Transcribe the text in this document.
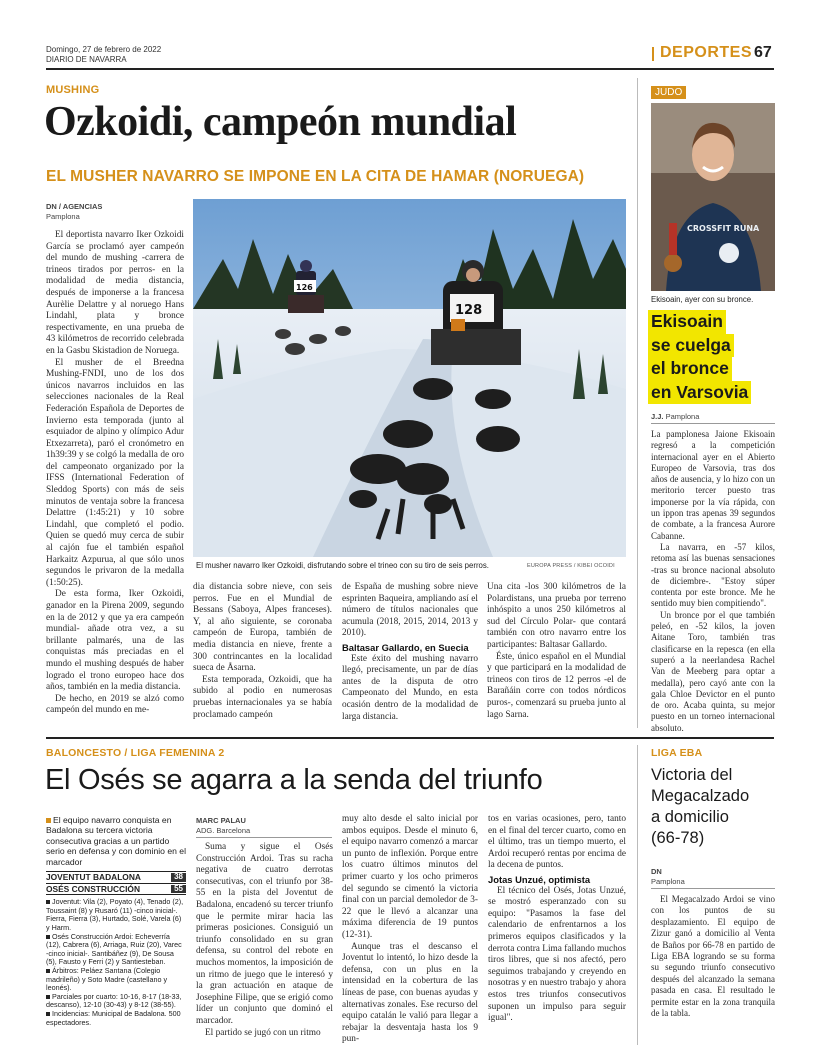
Domingo, 27 de febrero de 2022
DIARIO DE NAVARRA	DEPORTES 67
MUSHING
Ozkoidi, campeón mundial
EL MUSHER NAVARRO SE IMPONE EN LA CITA DE HAMAR (NORUEGA)
DN / AGENCIAS
Pamplona
126
128
El musher navarro Iker Ozkoidi, disfrutando sobre el trineo con su tiro de seis perros.	EUROPA PRESS / KIBEI OCOIDI

El deportista navarro Iker Ozkoidi García se proclamó ayer campeón del mundo de mushing -carrera de trineos tirados por perros- en la modalidad de media distancia, después de imponerse a la francesa Aurèlie Delattre y al noruego Hans Lindahl, plata y bronce respectivamente, en una prueba de 43 kilómetros de recorrido celebrada en la Gasbu Skistadion de Noruega.

El musher de el Breedna Mushing-FNDI, uno de los dos únicos navarros incluidos en las selecciones nacionales de la Real Federación Española de Deportes de Invierno esta temporada (junto al esquiador de alpino y olímpico Adur Etxezarreta), paró el cronómetro en 1h39:39 y se colgó la medalla de oro del campeonato organizado por la IFSS (International Federation of Sleddog Sports) con más de seis minutos de ventaja sobre la francesa Delattre (1:45:21) y 10 sobre Lindahl, que completó el podio. Quien se quedó muy cerca de subir al cajón fue el también español Harkaitz Azpurua, al que sólo unos segundos le privaron de la medalla (1:50:25).

De esta forma, Iker Ozkoidi, ganador en la Pirena 2009, segundo en la de 2012 y que ya era campeón mundial- añade otra vez, a su brillante palmarés, una de las conquistas más preciadas en el mundo el mushing después de haber logrado el trono europeo hace dos años, también en la media distancia.

De hecho, en 2019 se alzó como campeón del mundo en me-

dia distancia sobre nieve, con seis perros. Fue en el Mundial de Bessans (Saboya, Alpes franceses). Y, al año siguiente, se coronaba campeón de Europa, también de media distancia en nieve, frente a 300 contrincantes en la localidad sueca de Åsarna.

Esta temporada, Ozkoidi, que ha subido al podio en numerosas pruebas internacionales ya se había proclamado campeón

de España de mushing sobre nieve esprinten Baqueira, ampliando así el número de títulos nacionales que acumula (2018, 2015, 2014, 2013 y 2010).

Baltasar Gallardo, en Suecia

Este éxito del mushing navarro llegó, precisamente, un par de días antes de la disputa de otro Campeonato del Mundo, en esta ocasión dentro de la modalidad de larga distancia.

Una cita -los 300 kilómetros de la Polardistans, una prueba por terreno inhóspito a unos 250 kilómetros al sud del Círculo Polar- que contará también con otro navarro entre los participantes: Baltasar Gallardo.

Éste, único español en el Mundial y que participará en la modalidad de trineos con tiros de 12 perros -el de Barañáin corre con todos nórdicos puros-, comenzará su prueba junto al lago Sarna.

JUDO
CROSSFIT RUNA
Ekisoain, ayer con su bronce.
Ekisoain
se cuelga
el bronce
en Varsovia
J.J. Pamplona

La pamplonesa Jaione Ekisoain regresó a la competición internacional ayer en el Abierto Europeo de Varsovia, tras dos años de ausencia, y lo hizo con un meritorio tercer puesto tras imponerse por la vía rápida, con un ippon tras apenas 39 segundos de combate, a la francesa Aurore Cabanne.

La navarra, en -57 kilos, retoma así las buenas sensaciones -tras su bronce nacional absoluto de diciembre-. "Estoy súper contenta por este bronce. Me he sentido muy bien compitiendo".

Un bronce por el que también peleó, en -52 kilos, la joven Aitane Toro, también tras clasificarse en la repesca (en ella superó a la neerlandesa Rachel Van de Meeberg para optar a medalla), pero cayó ante con la gala Chloe Devictor en el punto de oro. Acaba quinta, su mejor puesto en un torneo internacional absoluto.

BALONCESTO / LIGA FEMENINA 2
El Osés se agarra a la senda del triunfo
El equipo navarro conquista en Badalona su tercera victoria consecutiva gracias a un partido serio en defensa y con dominio en el marcador
JOVENTUT BADALONA	38
OSÉS CONSTRUCCIÓN	55
Joventut: Vila (2), Poyato (4), Tenado (2), Toussaint (8) y Rusaró (11) -cinco inicial-. Fierra, Fierra (3), Hurtado, Solé, Varela (6) y Harm.
Osés Construcción Ardoi: Echeverría (12), Cabrera (6), Arriaga, Ruiz (20), Varec -cinco inicial-. Santibáñez (9), De Sousa (5), Fausto y Ferri (2) y Santiesteban.
Árbitros: Peláez Santana (Colegio madrileño) y Soto Madre (castellano y leonés).
Parciales por cuarto: 10-16, 8-17 (18-33, descanso), 12-10 (30-43) y 8-12 (38-55).
Incidencias: Municipal de Badalona. 500 espectadores.
MARC PALAU
ADG. Barcelona

Suma y sigue el Osés Construcción Ardoi. Tras su racha negativa de cuatro derrotas consecutivas, con el triunfo por 38-55 en la pista del Joventut de Badalona, encadenó su tercer triunfo que le permite mirar hacia las primeras posiciones. Consiguió un triunfo consolidado en su gran defensa, su control del rebote en muchos momentos, la imposición de un ritmo de juego que le interesó y la gran actuación en ataque de Josephine Filipe, que se erigió como líder un conjunto que dominó el marcador.

El partido se jugó con un ritmo

muy alto desde el salto inicial por ambos equipos. Desde el minuto 6, el equipo navarro comenzó a marcar un punto de inflexión. Porque entre los cuatro últimos minutos del primer cuarto y los ocho primeros del segundo se cimentó la victoria final con un parcial demoledor de 3-22 que le llevó a alcanzar una máxima diferencia de 19 puntos (12-31).

Aunque tras el descanso el Joventut lo intentó, lo hizo desde la defensa, con un plus en la intensidad en la cobertura de las líneas de pase, con buenas ayudas y alternativas zonales. Ese recurso del equipo catalán le valió para llegar a rebajar la desventaja hasta los 9 pun-

tos en varias ocasiones, pero, tanto en el final del tercer cuarto, como en el último, tras un tiempo muerto, el Ardoi recuperó rentas por encima de la decena de puntos.

Jotas Unzué, optimista

El técnico del Osés, Jotas Unzué, se mostró esperanzado con su equipo: "Pasamos la fase del calendario de enfrentarnos a los primeros equipos clasificados y la derrota contra Lima fallando muchos tiros libres, que si nos afectó, pero seguimos trabajando y creyendo en nosotras y en nuestro trabajo y ahora estos tres triunfos consecutivos suponen un impulso para seguir igual".

LIGA EBA
Victoria del
Megacalzado
a domicilio
(66-78)
DN
Pamplona

El Megacalzado Ardoi se vino con los puntos de su desplazamiento. El equipo de Zizur ganó a domicilio al Venta de Baños por 66-78 en partido de Liga EBA logrando se su forma su segundo triunfo consecutivo después del alcanzado la semana pasada en casa. El resultado le permite estar en la zona tranquila de la tabla.
